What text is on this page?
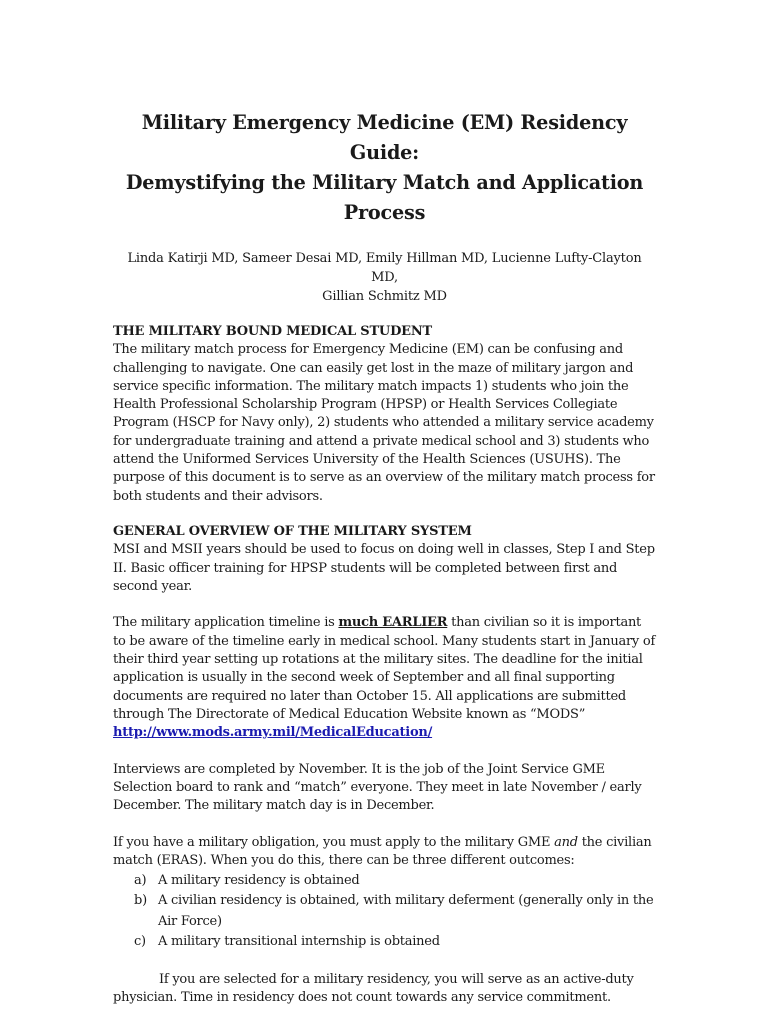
Military Emergency Medicine (EM) Residency Guide:
Demystifying the Military Match and Application Process

Linda Katirji MD, Sameer Desai MD, Emily Hillman MD, Lucienne Lufty-Clayton MD,
Gillian Schmitz MD

THE MILITARY BOUND MEDICAL STUDENT

The military match process for Emergency Medicine (EM) can be confusing and challenging to navigate. One can easily get lost in the maze of military jargon and service specific information. The military match impacts 1) students who join the Health Professional Scholarship Program (HPSP) or Health Services Collegiate Program (HSCP for Navy only), 2) students who attended a military service academy for undergraduate training and attend a private medical school and 3) students who attend the Uniformed Services University of the Health Sciences (USUHS). The purpose of this document is to serve as an overview of the military match process for both students and their advisors.

GENERAL OVERVIEW OF THE MILITARY SYSTEM

MSI and MSII years should be used to focus on doing well in classes, Step I and Step II. Basic officer training for HPSP students will be completed between first and second year.

The military application timeline is much EARLIER than civilian so it is important to be aware of the timeline early in medical school. Many students start in January of their third year setting up rotations at the military sites. The deadline for the initial application is usually in the second week of September and all final supporting documents are required no later than October 15. All applications are submitted through The Directorate of Medical Education Website known as “MODS”
http://www.mods.army.mil/MedicalEducation/

Interviews are completed by November. It is the job of the Joint Service GME Selection board to rank and “match” everyone. They meet in late November / early December. The military match day is in December.

If you have a military obligation, you must apply to the military GME and the civilian match (ERAS). When you do this, there can be three different outcomes:

a) A military residency is obtained
b) A civilian residency is obtained, with military deferment (generally only in the Air Force)
c) A military transitional internship is obtained

If you are selected for a military residency, you will serve as an active-duty physician. Time in residency does not count towards any service commitment.
